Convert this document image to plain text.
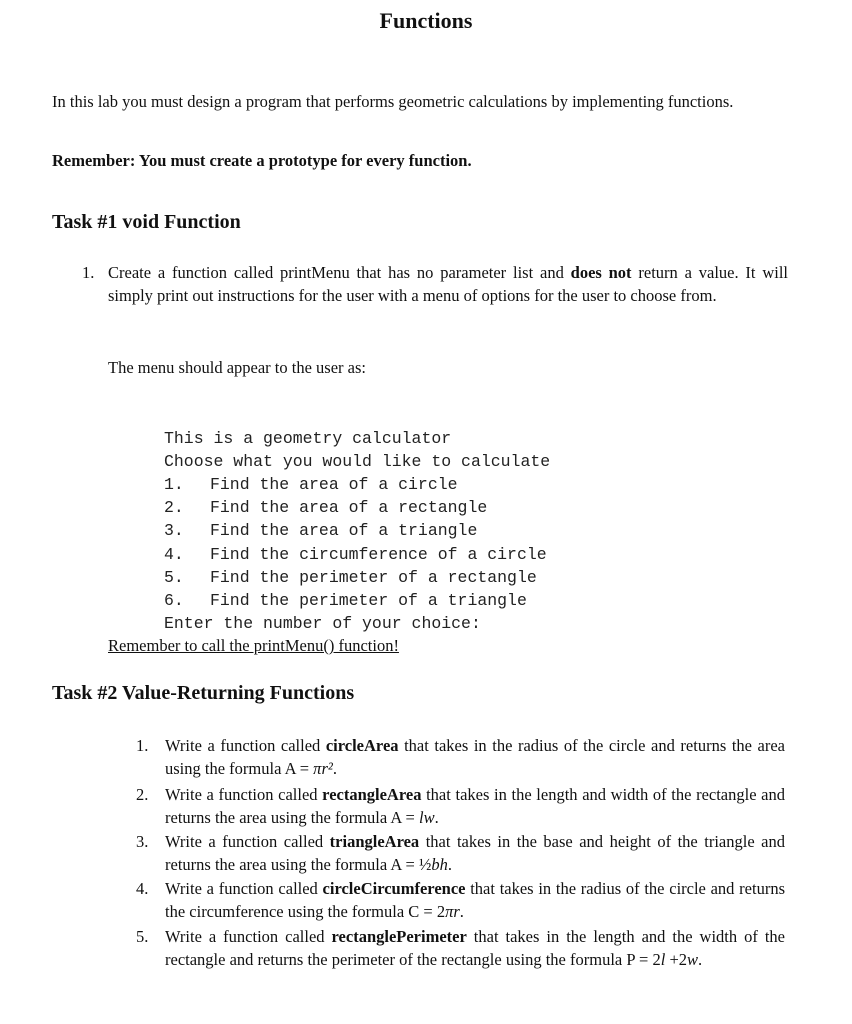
Functions
In this lab you must design a program that performs geometric calculations by implementing functions.
Remember: You must create a prototype for every function.
Task #1 void Function
1. Create a function called printMenu that has no parameter list and does not return a value. It will simply print out instructions for the user with a menu of options for the user to choose from.
The menu should appear to the user as:

This is a geometry calculator
Choose what you would like to calculate
1. Find the area of a circle
2. Find the area of a rectangle
3. Find the area of a triangle
4. Find the circumference of a circle
5. Find the perimeter of a rectangle
6. Find the perimeter of a triangle
Enter the number of your choice:

Remember to call the printMenu() function!
Task #2 Value-Returning Functions
1. Write a function called circleArea that takes in the radius of the circle and returns the area using the formula A = πr².
2. Write a function called rectangleArea that takes in the length and width of the rectangle and returns the area using the formula A = lw.
3. Write a function called triangleArea that takes in the base and height of the triangle and returns the area using the formula A = ½bh.
4. Write a function called circleCircumference that takes in the radius of the circle and returns the circumference using the formula C = 2πr.
5. Write a function called rectanglePerimeter that takes in the length and the width of the rectangle and returns the perimeter of the rectangle using the formula P = 2l +2w.
